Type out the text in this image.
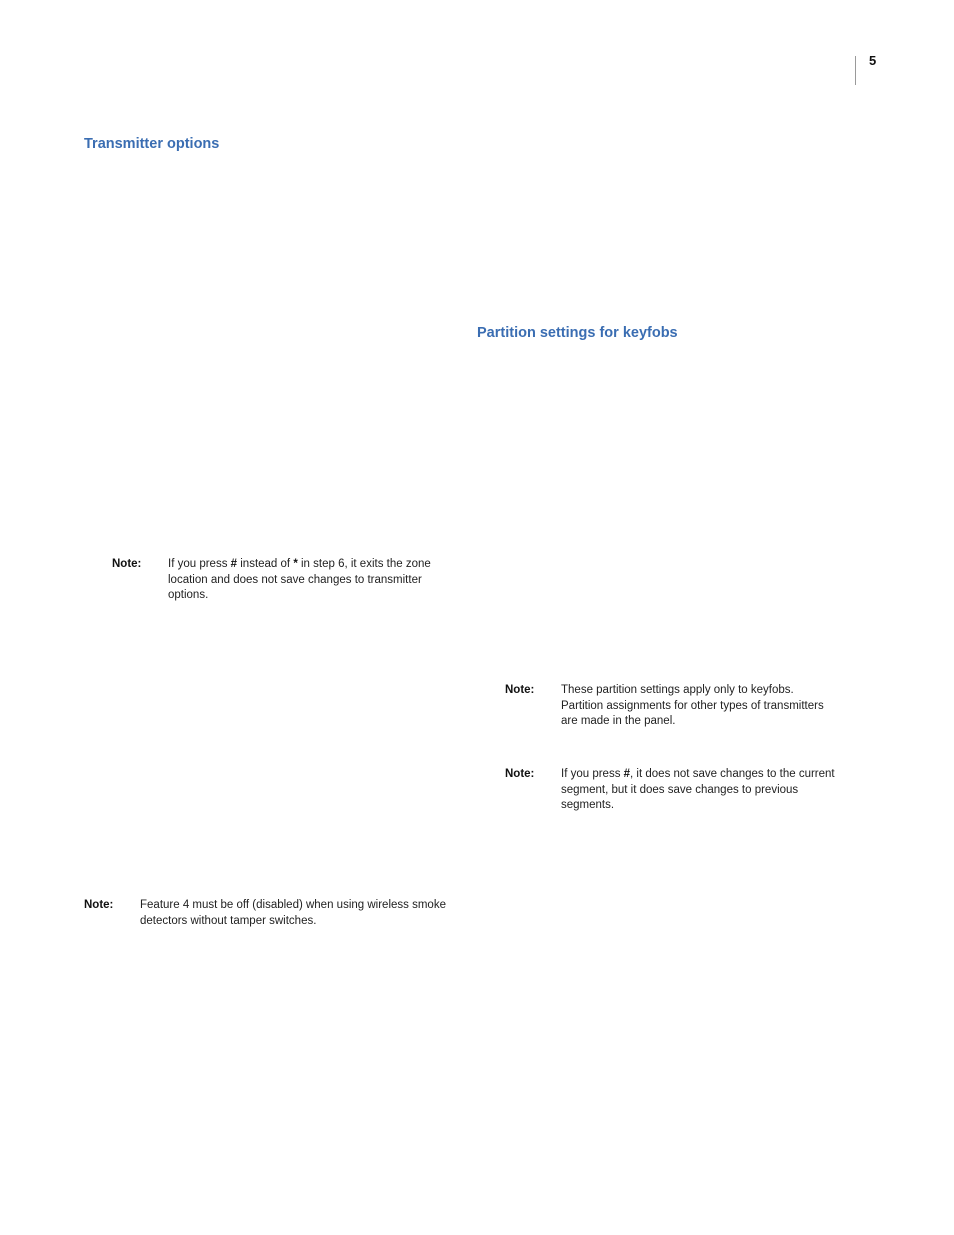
5
Transmitter options
Partition settings for keyfobs
Note: If you press # instead of * in step 6, it exits the zone
location and does not save changes to transmitter
options.
Note: These partition settings apply only to keyfobs.
Partition assignments for other types of transmitters
are made in the panel.
Note: If you press #, it does not save changes to the current
segment, but it does save changes to previous
segments.
Note: Feature 4 must be off (disabled) when using wireless smoke
detectors without tamper switches.
